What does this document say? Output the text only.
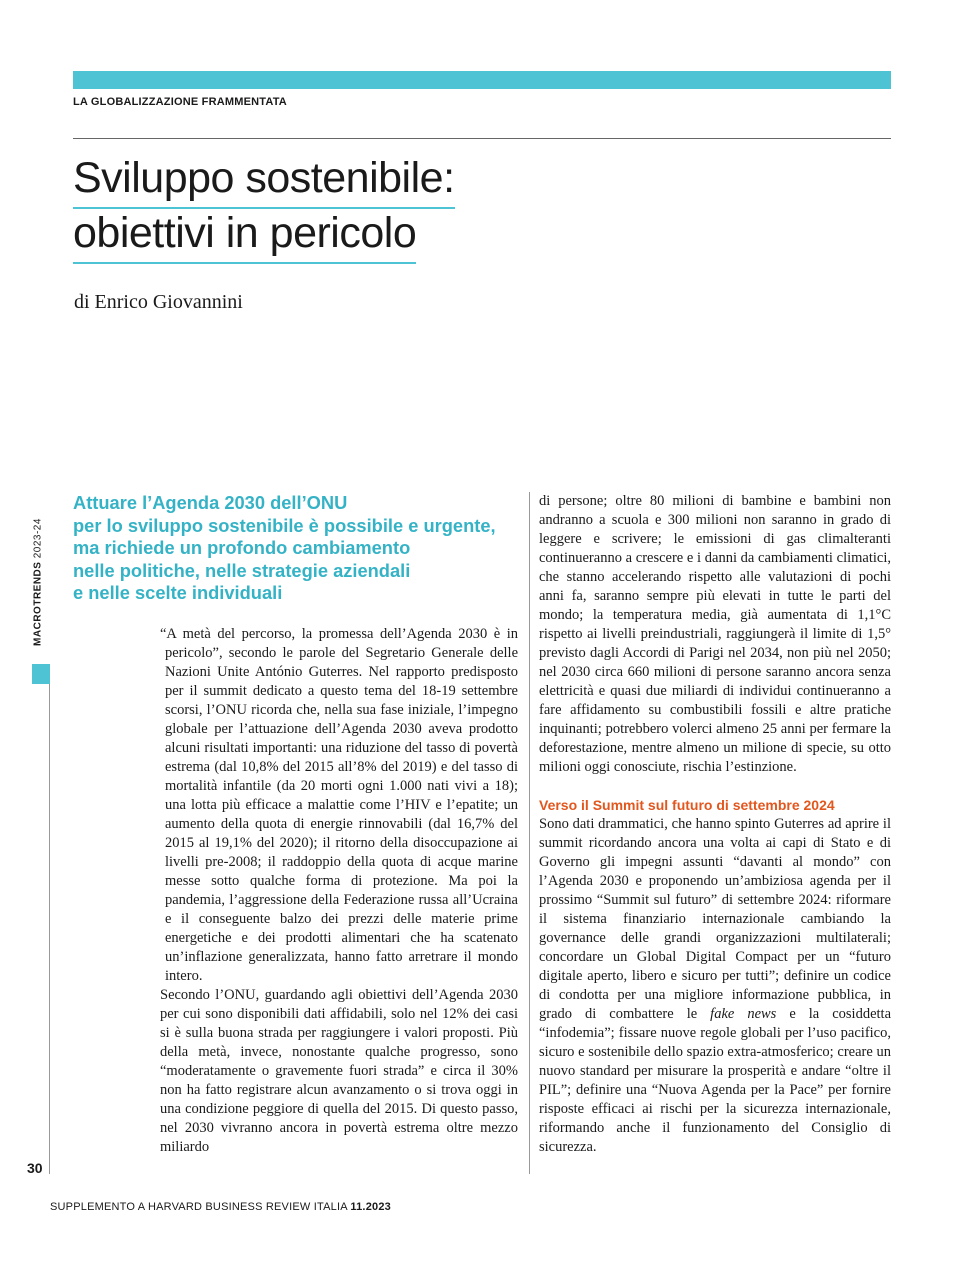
LA GLOBALIZZAZIONE FRAMMENTATA
Sviluppo sostenibile:
obiettivi in pericolo
di Enrico Giovannini
MACROTRENDS 2023-24
30
Attuare l’Agenda 2030 dell’ONU
per lo sviluppo sostenibile è possibile e urgente,
ma richiede un profondo cambiamento
nelle politiche, nelle strategie aziendali
e nelle scelte individuali

“A metà del percorso, la promessa dell’Agenda 2030 è in pericolo”, secondo le parole del Segretario Generale delle Nazioni Unite António Guterres. Nel rapporto predisposto per il summit dedicato a questo tema del 18-19 settembre scorsi, l’ONU ricorda che, nella sua fase iniziale, l’impegno globale per l’attuazione dell’Agenda 2030 aveva prodotto alcuni risultati importanti: una riduzione del tasso di povertà estrema (dal 10,8% del 2015 all’8% del 2019) e del tasso di mortalità infantile (da 20 morti ogni 1.000 nati vivi a 18); una lotta più efficace a malattie come l’HIV e l’epatite; un aumento della quota di energie rinnovabili (dal 16,7% del 2015 al 19,1% del 2020); il ritorno della disoccupazione ai livelli pre-2008; il raddoppio della quota di acque marine messe sotto qualche forma di protezione. Ma poi la pandemia, l’aggressione della Federazione russa all’Ucraina e il conseguente balzo dei prezzi delle materie prime energetiche e dei prodotti alimentari che ha scatenato un’inflazione generalizzata, hanno fatto arretrare il mondo intero.

Secondo l’ONU, guardando agli obiettivi dell’Agenda 2030 per cui sono disponibili dati affidabili, solo nel 12% dei casi si è sulla buona strada per raggiungere i valori proposti. Più della metà, invece, nonostante qualche progresso, sono “moderatamente o gravemente fuori strada” e circa il 30% non ha fatto registrare alcun avanzamento o si trova oggi in una condizione peggiore di quella del 2015. Di questo passo, nel 2030 vivranno ancora in povertà estrema oltre mezzo miliardo

di persone; oltre 80 milioni di bambine e bambini non andranno a scuola e 300 milioni non saranno in grado di leggere e scrivere; le emissioni di gas climalteranti continueranno a crescere e i danni da cambiamenti climatici, che stanno accelerando rispetto alle valutazioni di pochi anni fa, saranno sempre più elevati in tutte le parti del mondo; la temperatura media, già aumentata di 1,1°C rispetto ai livelli preindustriali, raggiungerà il limite di 1,5° previsto dagli Accordi di Parigi nel 2034, non più nel 2050; nel 2030 circa 660 milioni di persone saranno ancora senza elettricità e quasi due miliardi di individui continueranno a fare affidamento su combustibili fossili e altre pratiche inquinanti; potrebbero volerci almeno 25 anni per fermare la deforestazione, mentre almeno un milione di specie, su otto milioni oggi conosciute, rischia l’estinzione.

Verso il Summit sul futuro di settembre 2024

Sono dati drammatici, che hanno spinto Guterres ad aprire il summit ricordando ancora una volta ai capi di Stato e di Governo gli impegni assunti “davanti al mondo” con l’Agenda 2030 e proponendo un’ambiziosa agenda per il prossimo “Summit sul futuro” di settembre 2024: riformare il sistema finanziario internazionale cambiando la governance delle grandi organizzazioni multilaterali; concordare un Global Digital Compact per un “futuro digitale aperto, libero e sicuro per tutti”; definire un codice di condotta per una migliore informazione pubblica, in grado di combattere le fake news e la cosiddetta “infodemia”; fissare nuove regole globali per l’uso pacifico, sicuro e sostenibile dello spazio extra-atmosferico; creare un nuovo standard per misurare la prosperità e andare “oltre il PIL”; definire una “Nuova Agenda per la Pace” per fornire risposte efficaci ai rischi per la sicurezza internazionale, riformando anche il funzionamento del Consiglio di sicurezza.

SUPPLEMENTO A HARVARD BUSINESS REVIEW ITALIA 11.2023
